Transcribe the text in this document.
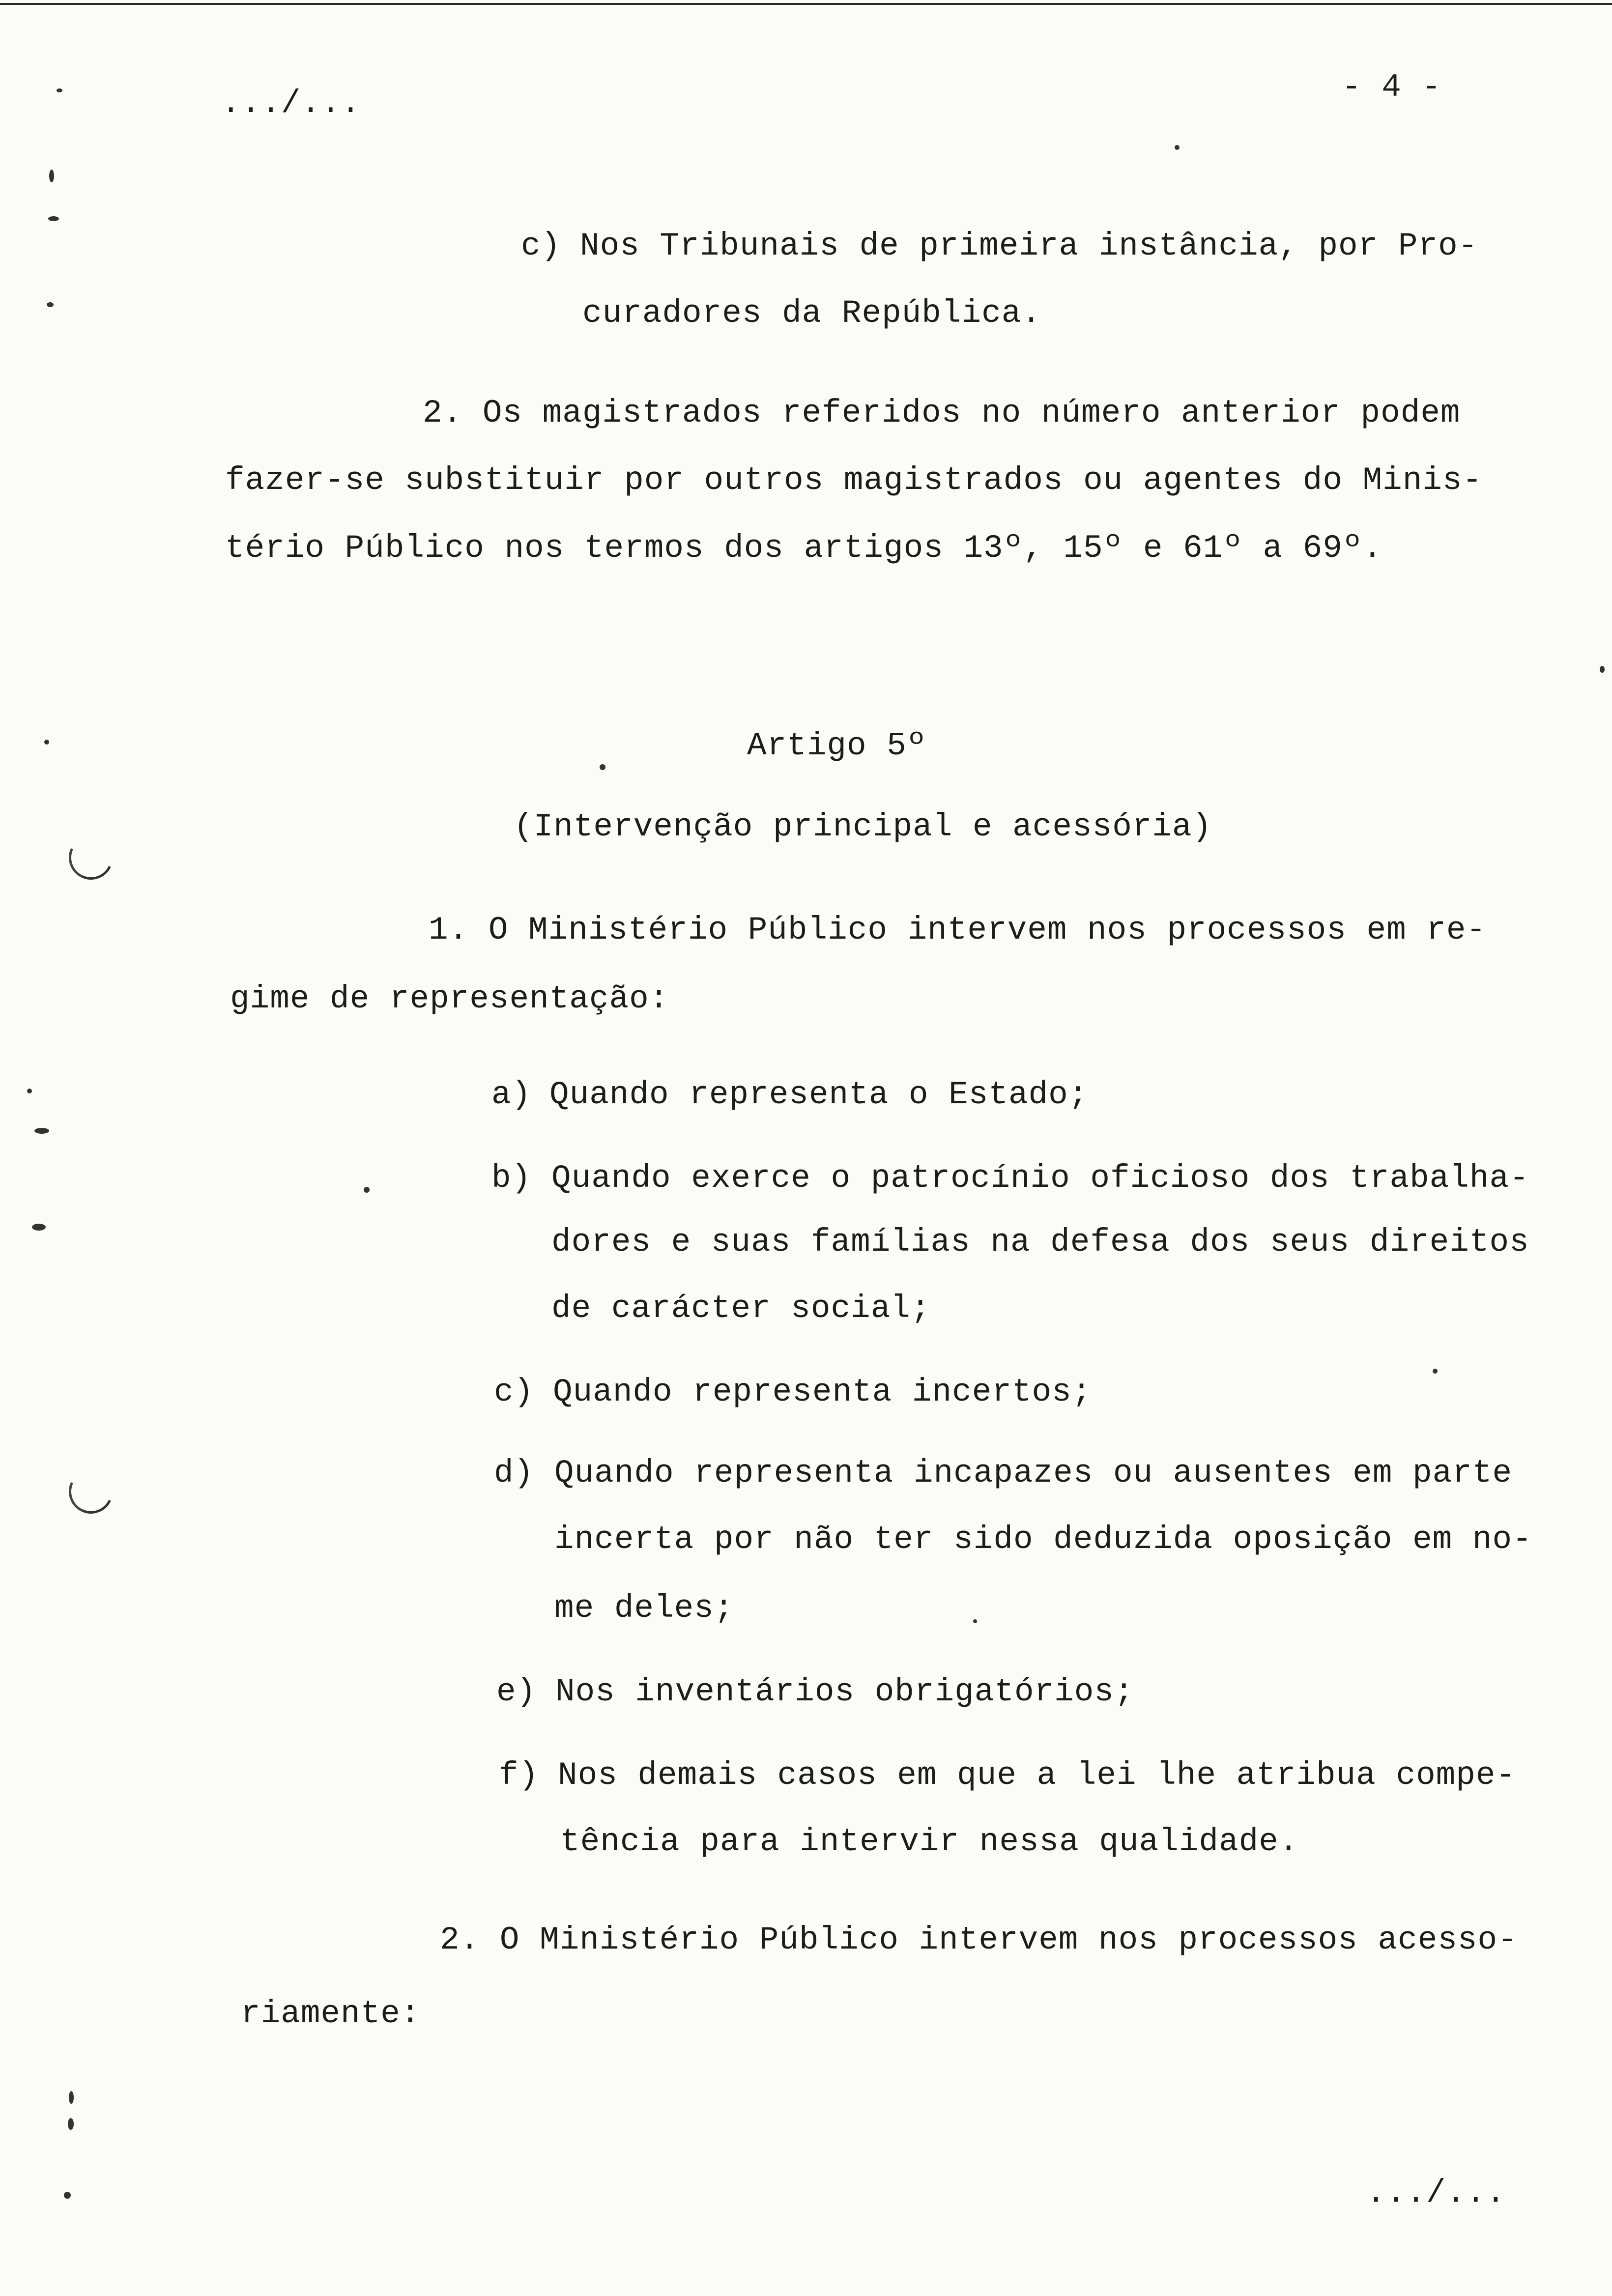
.../...	- 4 -
c) Nos Tribunais de primeira instância, por Pro-
curadores da República.
2. Os magistrados referidos no número anterior podem
fazer-se substituir por outros magistrados ou agentes do Minis-
tério Público nos termos dos artigos 13º, 15º e 61º a 69º.
Artigo 5º
(Intervenção principal e acessória)
1. O Ministério Público intervem nos processos em re-
gime de representação:
a) Quando representa o Estado;
b) Quando exerce o patrocínio oficioso dos trabalha-
dores e suas famílias na defesa dos seus direitos
de carácter social;
c) Quando representa incertos;
d) Quando representa incapazes ou ausentes em parte
incerta por não ter sido deduzida oposição em no-
me deles;
e) Nos inventários obrigatórios;
f) Nos demais casos em que a lei lhe atribua compe-
tência para intervir nessa qualidade.
2. O Ministério Público intervem nos processos acesso-
riamente:
.../...
